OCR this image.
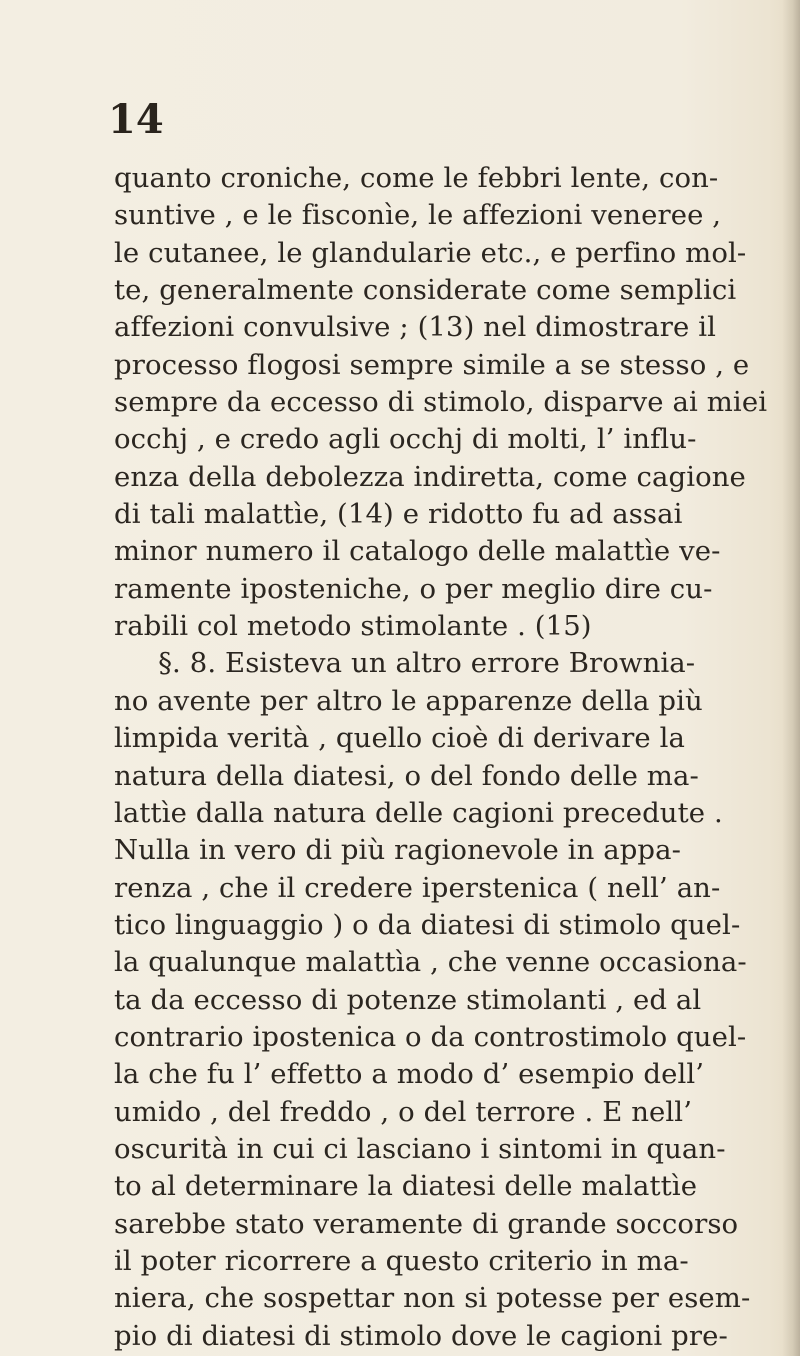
14
quanto croniche, come le febbri lente, con-
suntive , e le fisconìe, le affezioni veneree ,
le cutanee, le glandularie etc., e perfino mol-
te, generalmente considerate come semplici
affezioni convulsive ; (13) nel dimostrare il
processo flogosi sempre simile a se stesso , e
sempre da eccesso di stimolo, disparve ai miei
occhj , e credo agli occhj di molti, l’ influ-
enza della debolezza indiretta, come cagione
di tali malattìe, (14) e ridotto fu ad assai
minor numero il catalogo delle malattìe ve-
ramente iposteniche, o per meglio dire cu-
rabili col metodo stimolante . (15)
§. 8. Esisteva un altro errore Brownia-
no avente per altro le apparenze della più
limpida verità , quello cioè di derivare la
natura della diatesi, o del fondo delle ma-
lattìe dalla natura delle cagioni precedute .
Nulla in vero di più ragionevole in appa-
renza , che il credere iperstenica ( nell’ an-
tico linguaggio ) o da diatesi di stimolo quel-
la qualunque malattìa , che venne occasiona-
ta da eccesso di potenze stimolanti , ed al
contrario ipostenica o da controstimolo quel-
la che fu l’ effetto a modo d’ esempio dell’
umido , del freddo , o del terrore . E nell’
oscurità in cui ci lasciano i sintomi in quan-
to al determinare la diatesi delle malattìe
sarebbe stato veramente di grande soccorso
il poter ricorrere a questo criterio in ma-
niera, che sospettar non si potesse per esem-
pio di diatesi di stimolo dove le cagioni pre-
